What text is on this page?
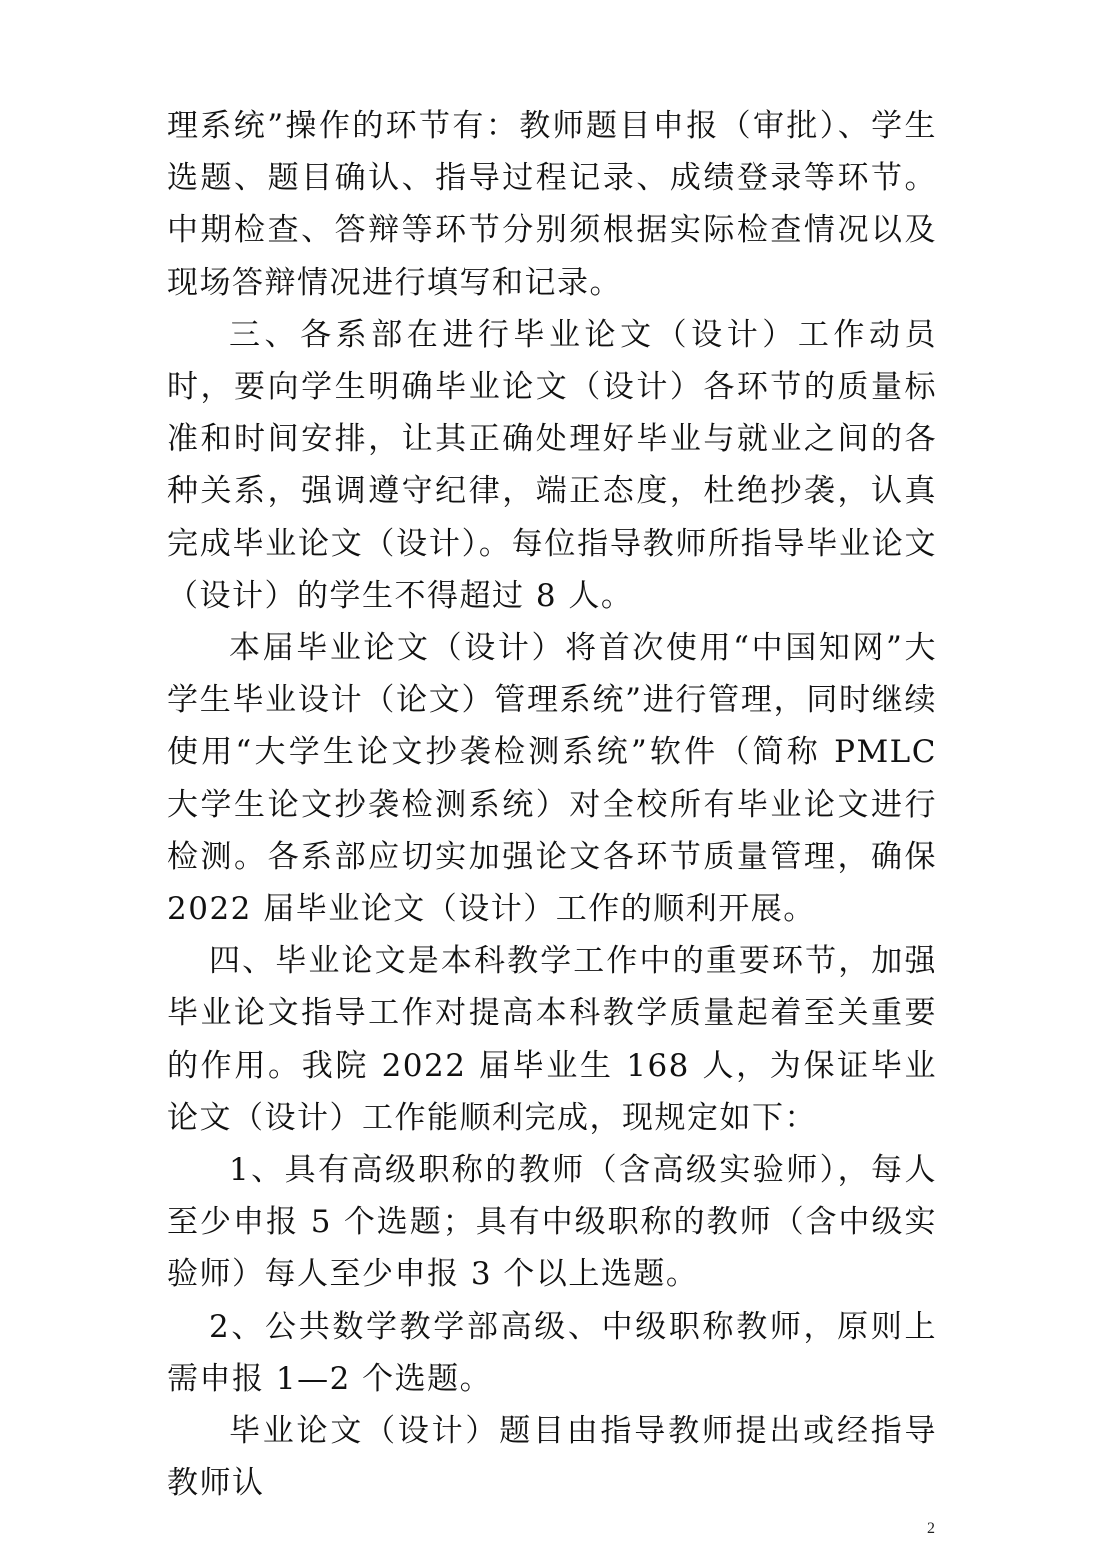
理系统”操作的环节有：教师题目申报（审批）、学生选题、题目确认、指导过程记录、成绩登录等环节。中期检查、答辩等环节分别须根据实际检查情况以及现场答辩情况进行填写和记录。

三、各系部在进行毕业论文（设计）工作动员时，要向学生明确毕业论文（设计）各环节的质量标准和时间安排，让其正确处理好毕业与就业之间的各种关系，强调遵守纪律，端正态度，杜绝抄袭，认真完成毕业论文（设计）。每位指导教师所指导毕业论文（设计）的学生不得超过 8 人。

本届毕业论文（设计）将首次使用“中国知网”大学生毕业设计（论文）管理系统”进行管理，同时继续使用“大学生论文抄袭检测系统”软件（简称 PMLC 大学生论文抄袭检测系统）对全校所有毕业论文进行检测。各系部应切实加强论文各环节质量管理，确保 2022 届毕业论文（设计）工作的顺利开展。

四、毕业论文是本科教学工作中的重要环节，加强毕业论文指导工作对提高本科教学质量起着至关重要的作用。我院 2022 届毕业生 168 人，为保证毕业论文（设计）工作能顺利完成，现规定如下：

1、具有高级职称的教师（含高级实验师），每人至少申报 5 个选题；具有中级职称的教师（含中级实验师）每人至少申报 3 个以上选题。

2、公共数学教学部高级、中级职称教师，原则上需申报 1—2 个选题。

毕业论文（设计）题目由指导教师提出或经指导教师认

2
